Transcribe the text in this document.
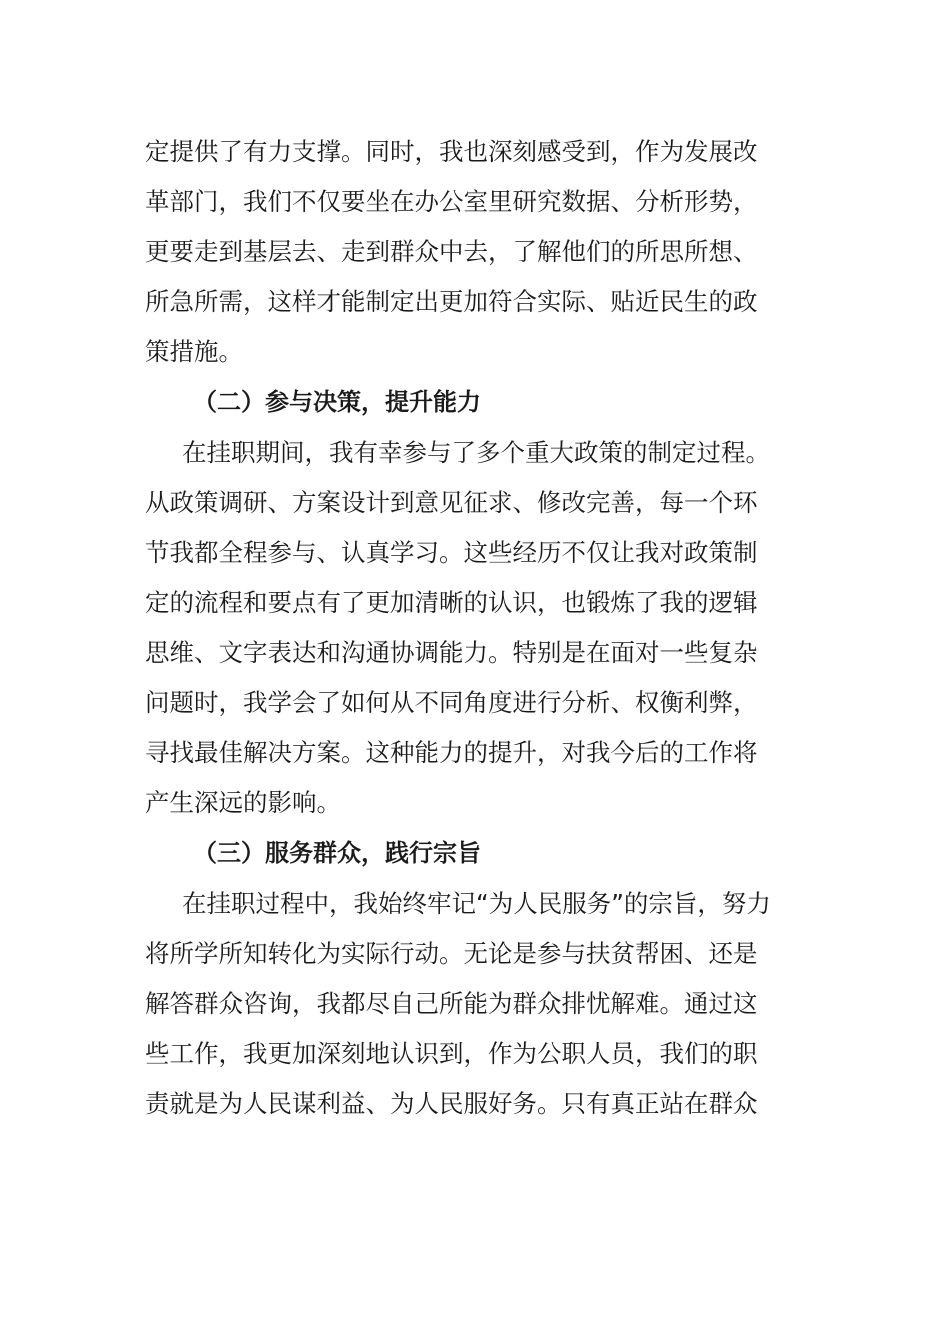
定提供了有力支撑。同时，我也深刻感受到，作为发展改
革部门，我们不仅要坐在办公室里研究数据、分析形势，
更要走到基层去、走到群众中去，了解他们的所思所想、
所急所需，这样才能制定出更加符合实际、贴近民生的政
策措施。
（二）参与决策，提升能力
在挂职期间，我有幸参与了多个重大政策的制定过程。
从政策调研、方案设计到意见征求、修改完善，每一个环
节我都全程参与、认真学习。这些经历不仅让我对政策制
定的流程和要点有了更加清晰的认识，也锻炼了我的逻辑
思维、文字表达和沟通协调能力。特别是在面对一些复杂
问题时，我学会了如何从不同角度进行分析、权衡利弊，
寻找最佳解决方案。这种能力的提升，对我今后的工作将
产生深远的影响。
（三）服务群众，践行宗旨
在挂职过程中，我始终牢记“为人民服务”的宗旨，努力
将所学所知转化为实际行动。无论是参与扶贫帮困、还是
解答群众咨询，我都尽自己所能为群众排忧解难。通过这
些工作，我更加深刻地认识到，作为公职人员，我们的职
责就是为人民谋利益、为人民服好务。只有真正站在群众
